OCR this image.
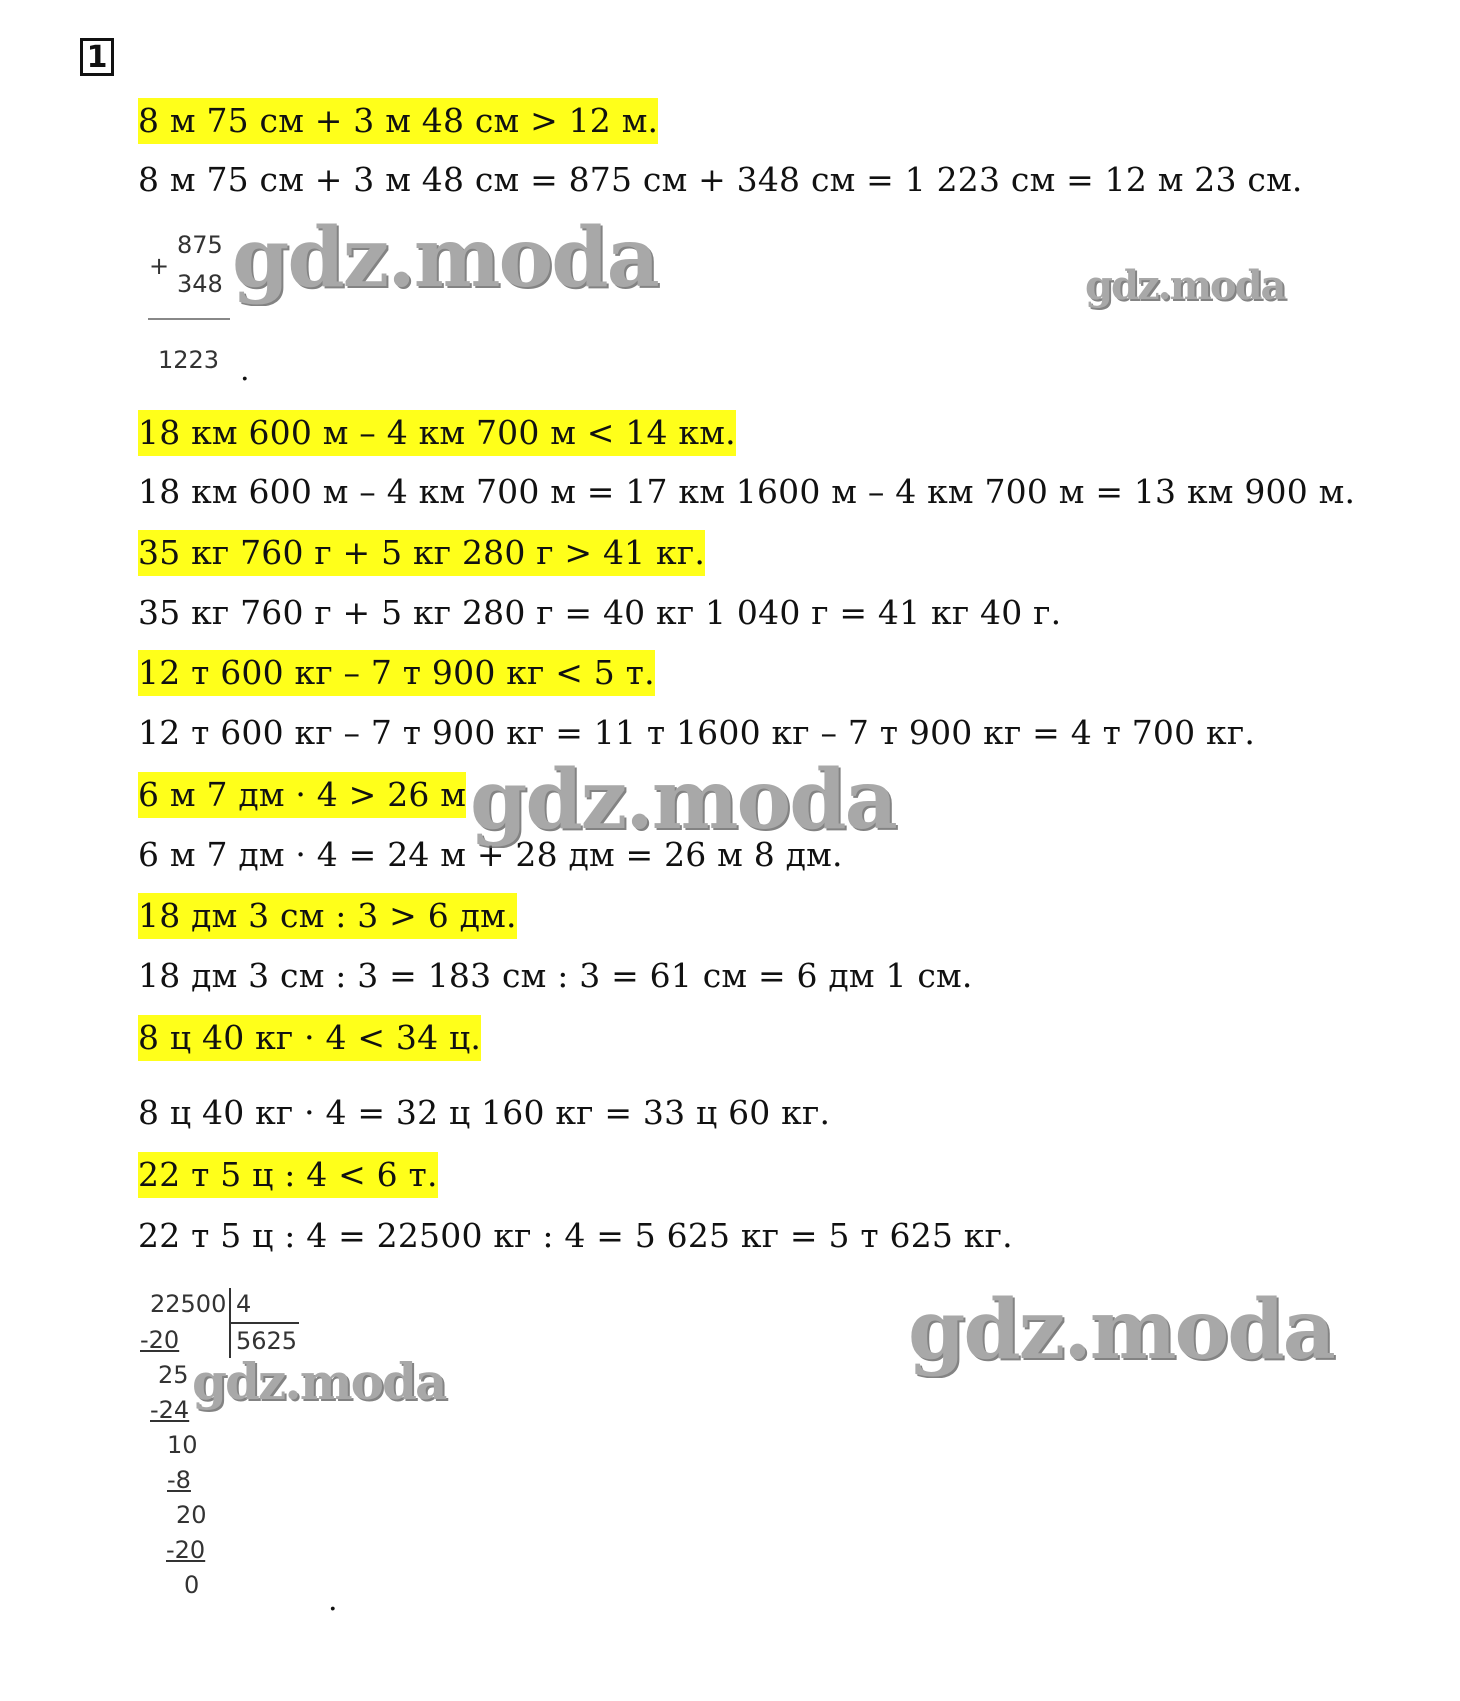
1
8 м 75 см + 3 м 48 см > 12 м.
8 м 75 см + 3 м 48 см = 875 см + 348 см = 1 223 см = 12 м 23 см.
18 км 600 м – 4 км 700 м < 14 км.
18 км 600 м – 4 км 700 м = 17 км 1600 м – 4 км 700 м = 13 км 900 м.
35 кг 760 г + 5 кг 280 г > 41 кг.
35 кг 760 г + 5 кг 280 г = 40 кг 1 040 г = 41 кг 40 г.
12 т 600 кг – 7 т 900 кг < 5 т.
12 т 600 кг – 7 т 900 кг = 11 т 1600 кг – 7 т 900 кг = 4 т 700 кг.
6 м 7 дм · 4 > 26 м
6 м 7 дм · 4 = 24 м + 28 дм = 26 м 8 дм.
18 дм 3 см : 3 > 6 дм.
18 дм 3 см : 3 = 183 см : 3 = 61 см = 6 дм 1 см.
8 ц 40 кг · 4 < 34 ц.
8 ц 40 кг · 4 = 32 ц 160 кг = 33 ц 60 кг.
22 т 5 ц : 4 < 6 т.
22 т 5 ц : 4 = 22500 кг : 4 = 5 625 кг = 5 т 625 кг.
+
875
348
1223 .
22500 4
5625
-20
25
-24
10
-8
20
-20
0	.
gdz.moda	gdz.moda
gdz.moda
gdz.moda
gdz.moda
